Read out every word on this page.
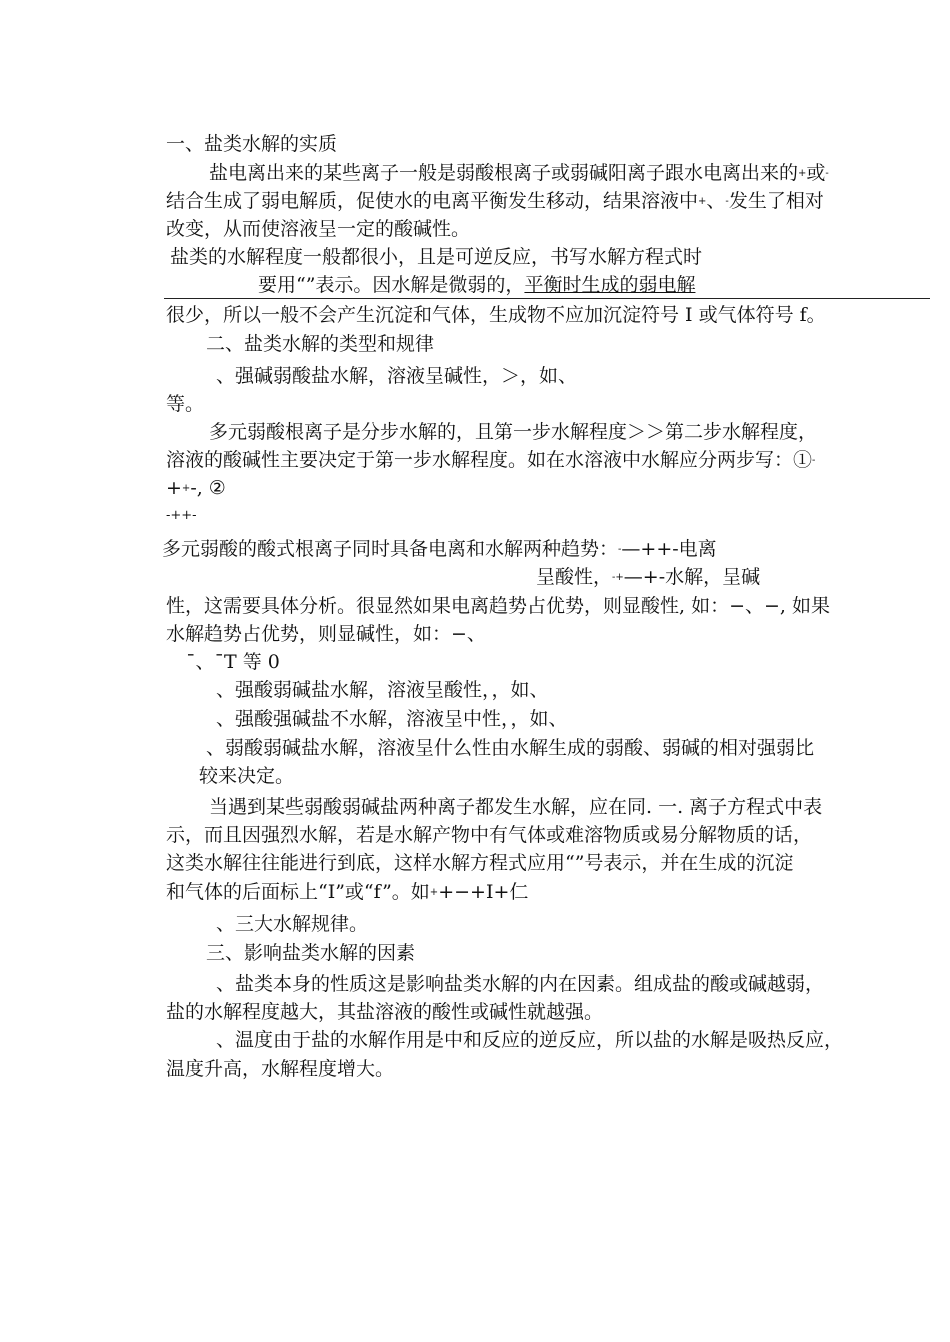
一、盐类水解的实质
盐电离出来的某些离子一般是弱酸根离子或弱碱阳离子跟水电离出来的+或-
结合生成了弱电解质，促使水的电离平衡发生移动，结果溶液中+、-发生了相对
改变，从而使溶液呈一定的酸碱性。
盐类的水解程度一般都很小，且是可逆反应，书写水解方程式时
要用“”表示。因水解是微弱的，平衡时生成的弱电解
很少，所以一般不会产生沉淀和气体，生成物不应加沉淀符号 I 或气体符号 f。
二、盐类水解的类型和规律
、强碱弱酸盐水解，溶液呈碱性，＞，如、
等。
多元弱酸根离子是分步水解的，且第一步水解程度＞＞第二步水解程度，
溶液的酸碱性主要决定于第一步水解程度。如在水溶液中水解应分两步写：①-
++-, ②
-++-
多元弱酸的酸式根离子同时具备电离和水解两种趋势：-—++-电离
呈酸性，-+—+-水解，呈碱
性，这需要具体分析。很显然如果电离趋势占优势，则显酸性, 如：−、−, 如果
水解趋势占优势，则显碱性，如：−、
¯、¯T 等 0
、强酸弱碱盐水解，溶液呈酸性，，如、
、强酸强碱盐不水解，溶液呈中性，，如、
、弱酸弱碱盐水解，溶液呈什么性由水解生成的弱酸、弱碱的相对强弱比
较来决定。
当遇到某些弱酸弱碱盐两种离子都发生水解，应在同. 一. 离子方程式中表
示，而且因强烈水解，若是水解产物中有气体或难溶物质或易分解物质的话，
这类水解往往能进行到底，这样水解方程式应用“”号表示，并在生成的沉淀
和气体的后面标上“I”或“f”。如++−+I+仁
、三大水解规律。
三、影响盐类水解的因素
、盐类本身的性质这是影响盐类水解的内在因素。组成盐的酸或碱越弱，
盐的水解程度越大，其盐溶液的酸性或碱性就越强。
、温度由于盐的水解作用是中和反应的逆反应，所以盐的水解是吸热反应，
温度升高，水解程度增大。
